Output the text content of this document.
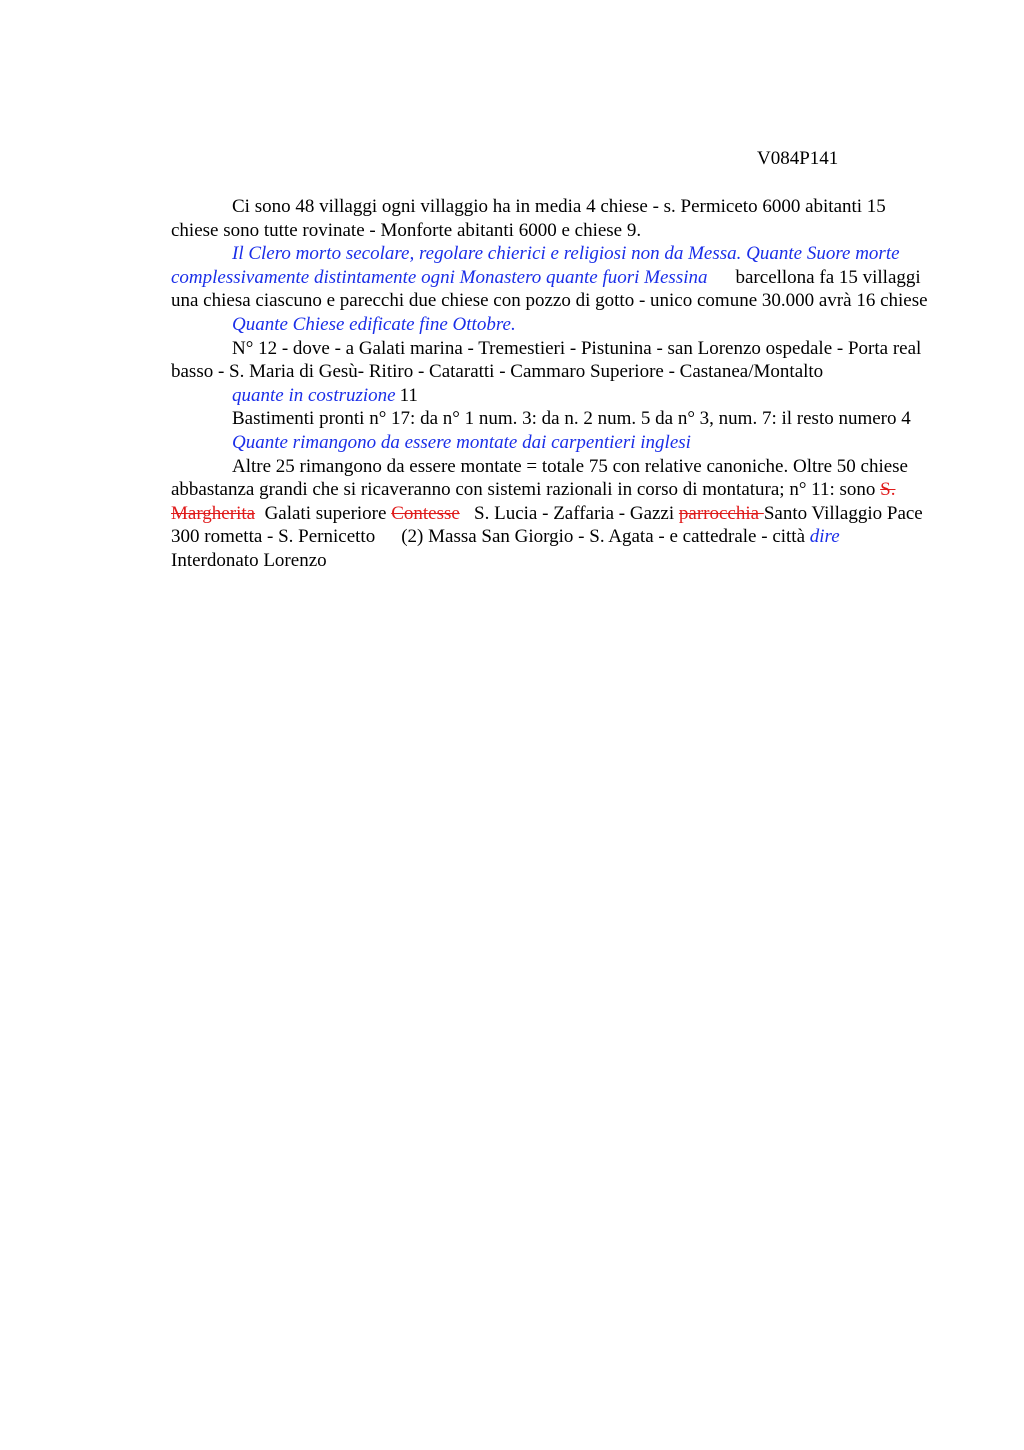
V084P141

Ci sono 48 villaggi ogni villaggio ha in media 4 chiese - s. Permiceto 6000 abitanti 15 chiese sono tutte rovinate - Monforte abitanti 6000 e chiese 9.

Il Clero morto secolare, regolare chierici e religiosi non da Messa. Quante Suore morte complessivamente distintamente ogni Monastero quante fuori Messina barcellona fa 15 villaggi una chiesa ciascuno e parecchi due chiese con pozzo di gotto - unico comune 30.000 avrà 16 chiese

Quante Chiese edificate fine Ottobre.

N° 12 - dove - a Galati marina - Tremestieri - Pistunina - san Lorenzo ospedale - Porta real basso - S. Maria di Gesù- Ritiro - Cataratti - Cammaro Superiore - Castanea/Montalto

quante in costruzione 11

Bastimenti pronti n° 17: da n° 1 num. 3: da n. 2 num. 5 da n° 3, num. 7: il resto numero 4

Quante rimangono da essere montate dai carpentieri inglesi

Altre 25 rimangono da essere montate = totale 75 con relative canoniche. Oltre 50 chiese abbastanza grandi che si ricaveranno con sistemi razionali in corso di montatura; n° 11: sono S. Margherita Galati superiore Contesse S. Lucia - Zaffaria - Gazzi parrocchia Santo Villaggio Pace 300 rometta - S. Pernicetto (2) Massa San Giorgio - S. Agata - e cattedrale - città dire Interdonato Lorenzo
